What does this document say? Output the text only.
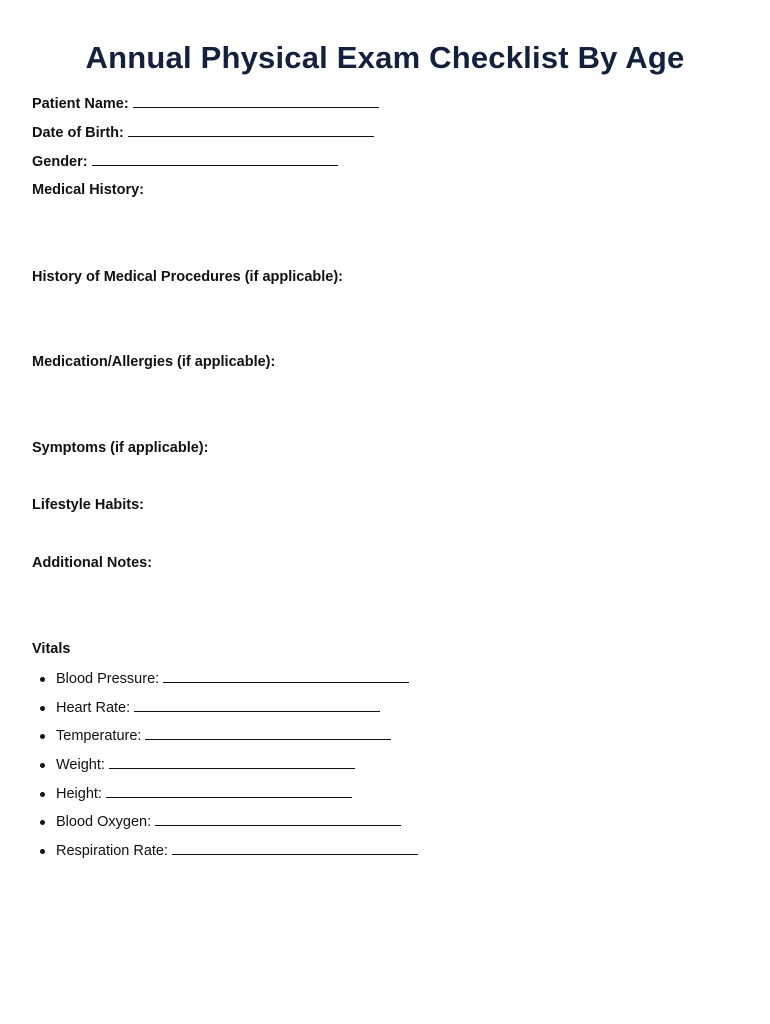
Annual Physical Exam Checklist By Age
Patient Name:
Date of Birth:
Gender:
Medical History:
History of Medical Procedures (if applicable):
Medication/Allergies (if applicable):
Symptoms (if applicable):
Lifestyle Habits:
Additional Notes:
Vitals
Blood Pressure:
Heart Rate:
Temperature:
Weight:
Height:
Blood Oxygen:
Respiration Rate:
